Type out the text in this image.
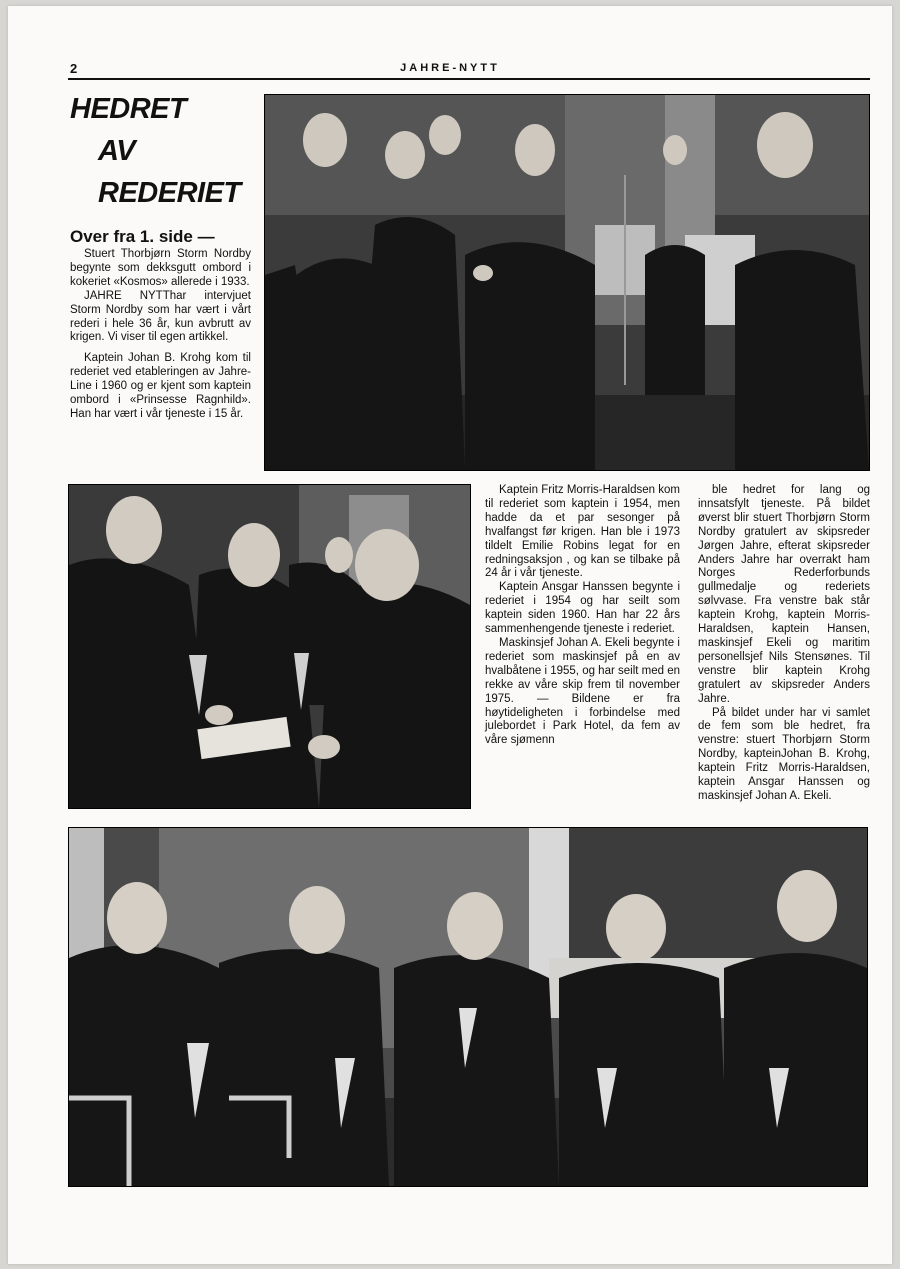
2	JAHRE-NYTT
HEDRET
AV
REDERIET
Over fra 1. side —

Stuert Thorbjørn Storm Nordby begynte som dekksgutt ombord i kokeriet «Kosmos» allerede i 1933.

JAHRE NYTThar intervjuet Storm Nordby som har vært i vårt rederi i hele 36 år, kun avbrutt av krigen. Vi viser til egen artikkel.

Kaptein Johan B. Krohg kom til rederiet ved etableringen av Jahre-Line i 1960 og er kjent som kaptein ombord i «Prinsesse Ragnhild». Han har vært i vår tjeneste i 15 år.

Kaptein Fritz Morris-Haraldsen kom til rederiet som kaptein i 1954, men hadde da et par sesonger på hvalfangst før krigen. Han ble i 1973 tildelt Emilie Robins legat for en redningsaksjon , og kan se tilbake på 24 år i vår tjeneste.

Kaptein Ansgar Hanssen begynte i rederiet i 1954 og har seilt som kaptein siden 1960. Han har 22 års sammenhengende tjeneste i rederiet.

Maskinsjef Johan A. Ekeli begynte i rederiet som maskinsjef på en av hvalbåtene i 1955, og har seilt med en rekke av våre skip frem til november 1975. — Bildene er fra høytideligheten i forbindelse med julebordet i Park Hotel, da fem av våre sjømenn

ble hedret for lang og innsatsfylt tjeneste. På bildet øverst blir stuert Thorbjørn Storm Nordby gratulert av skipsreder Jørgen Jahre, efterat skipsreder Anders Jahre har overrakt ham Norges Rederforbunds gullmedalje og rederiets sølvvase. Fra venstre bak står kaptein Krohg, kaptein Morris-Haraldsen, kaptein Hansen, maskinsjef Ekeli og maritim personellsjef Nils Stensønes. Til venstre blir kaptein Krohg gratulert av skipsreder Anders Jahre.

På bildet under har vi samlet de fem som ble hedret, fra venstre: stuert Thorbjørn Storm Nordby, kapteinJohan B. Krohg, kaptein Fritz Morris-Haraldsen, kaptein Ansgar Hanssen og maskinsjef Johan A. Ekeli.
